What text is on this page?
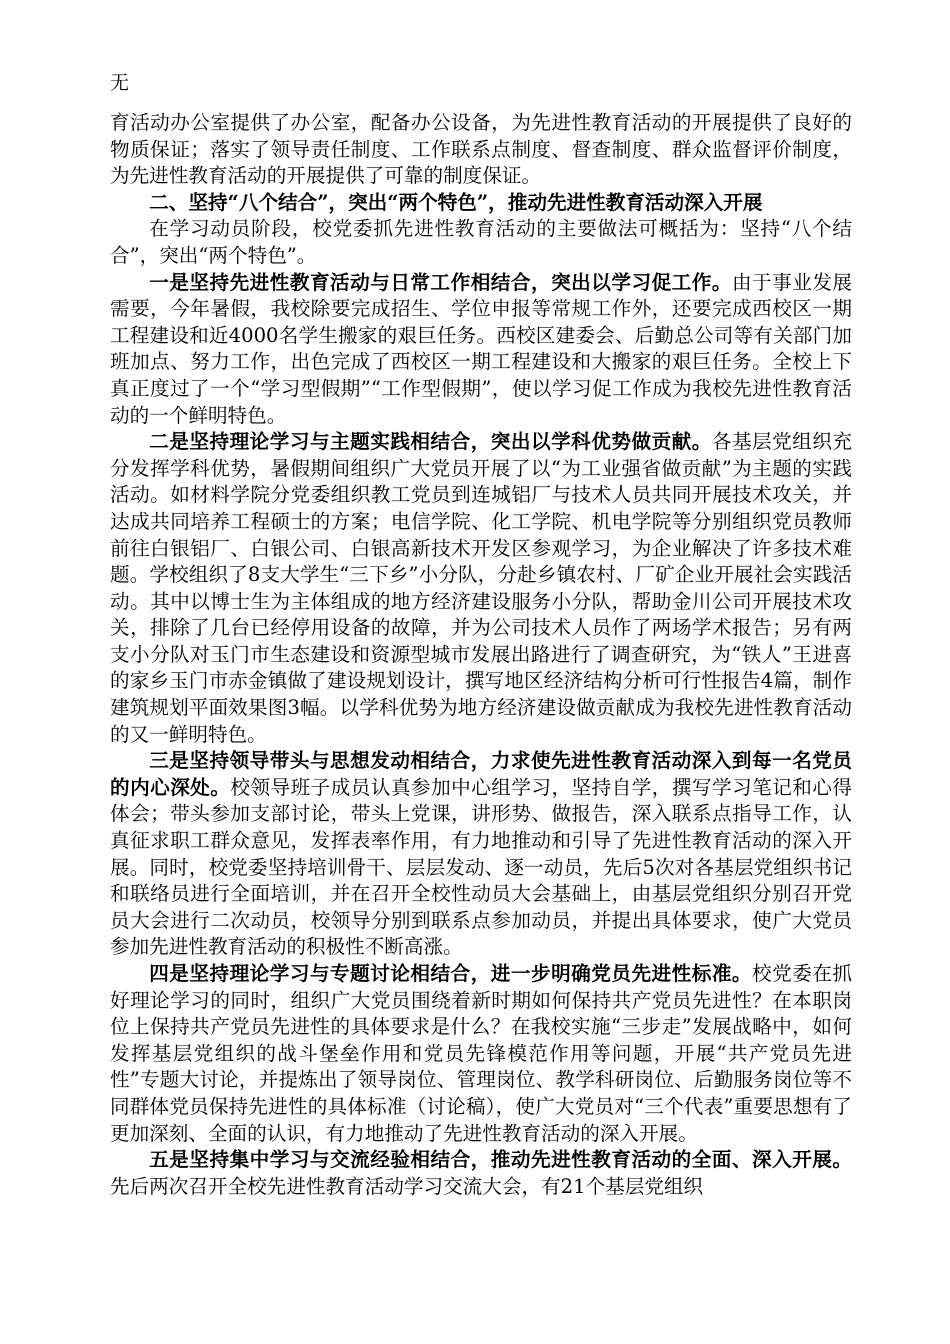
无

育活动办公室提供了办公室，配备办公设备，为先进性教育活动的开展提供了良好的物质保证；落实了领导责任制度、工作联系点制度、督查制度、群众监督评价制度，为先进性教育活动的开展提供了可靠的制度保证。

二、坚持“八个结合”，突出“两个特色”，推动先进性教育活动深入开展

在学习动员阶段，校党委抓先进性教育活动的主要做法可概括为：坚持“八个结合”，突出“两个特色”。

一是坚持先进性教育活动与日常工作相结合，突出以学习促工作。由于事业发展需要，今年暑假，我校除要完成招生、学位申报等常规工作外，还要完成西校区一期工程建设和近4000名学生搬家的艰巨任务。西校区建委会、后勤总公司等有关部门加班加点、努力工作，出色完成了西校区一期工程建设和大搬家的艰巨任务。全校上下真正度过了一个“学习型假期”“工作型假期”，使以学习促工作成为我校先进性教育活动的一个鲜明特色。

二是坚持理论学习与主题实践相结合，突出以学科优势做贡献。各基层党组织充分发挥学科优势，暑假期间组织广大党员开展了以“为工业强省做贡献”为主题的实践活动。如材料学院分党委组织教工党员到连城铝厂与技术人员共同开展技术攻关，并达成共同培养工程硕士的方案；电信学院、化工学院、机电学院等分别组织党员教师前往白银铝厂、白银公司、白银高新技术开发区参观学习，为企业解决了许多技术难题。学校组织了8支大学生“三下乡”小分队，分赴乡镇农村、厂矿企业开展社会实践活动。其中以博士生为主体组成的地方经济建设服务小分队，帮助金川公司开展技术攻关，排除了几台已经停用设备的故障，并为公司技术人员作了两场学术报告；另有两支小分队对玉门市生态建设和资源型城市发展出路进行了调查研究，为“铁人”王进喜的家乡玉门市赤金镇做了建设规划设计，撰写地区经济结构分析可行性报告4篇，制作建筑规划平面效果图3幅。以学科优势为地方经济建设做贡献成为我校先进性教育活动的又一鲜明特色。

三是坚持领导带头与思想发动相结合，力求使先进性教育活动深入到每一名党员的内心深处。校领导班子成员认真参加中心组学习，坚持自学，撰写学习笔记和心得体会；带头参加支部讨论，带头上党课，讲形势、做报告，深入联系点指导工作，认真征求职工群众意见，发挥表率作用，有力地推动和引导了先进性教育活动的深入开展。同时，校党委坚持培训骨干、层层发动、逐一动员，先后5次对各基层党组织书记和联络员进行全面培训，并在召开全校性动员大会基础上，由基层党组织分别召开党员大会进行二次动员，校领导分别到联系点参加动员，并提出具体要求，使广大党员参加先进性教育活动的积极性不断高涨。

四是坚持理论学习与专题讨论相结合，进一步明确党员先进性标准。校党委在抓好理论学习的同时，组织广大党员围绕着新时期如何保持共产党员先进性？在本职岗位上保持共产党员先进性的具体要求是什么？在我校实施“三步走”发展战略中，如何发挥基层党组织的战斗堡垒作用和党员先锋模范作用等问题，开展“共产党员先进性”专题大讨论，并提炼出了领导岗位、管理岗位、教学科研岗位、后勤服务岗位等不同群体党员保持先进性的具体标准（讨论稿），使广大党员对“三个代表”重要思想有了更加深刻、全面的认识，有力地推动了先进性教育活动的深入开展。

五是坚持集中学习与交流经验相结合，推动先进性教育活动的全面、深入开展。先后两次召开全校先进性教育活动学习交流大会，有21个基层党组织
